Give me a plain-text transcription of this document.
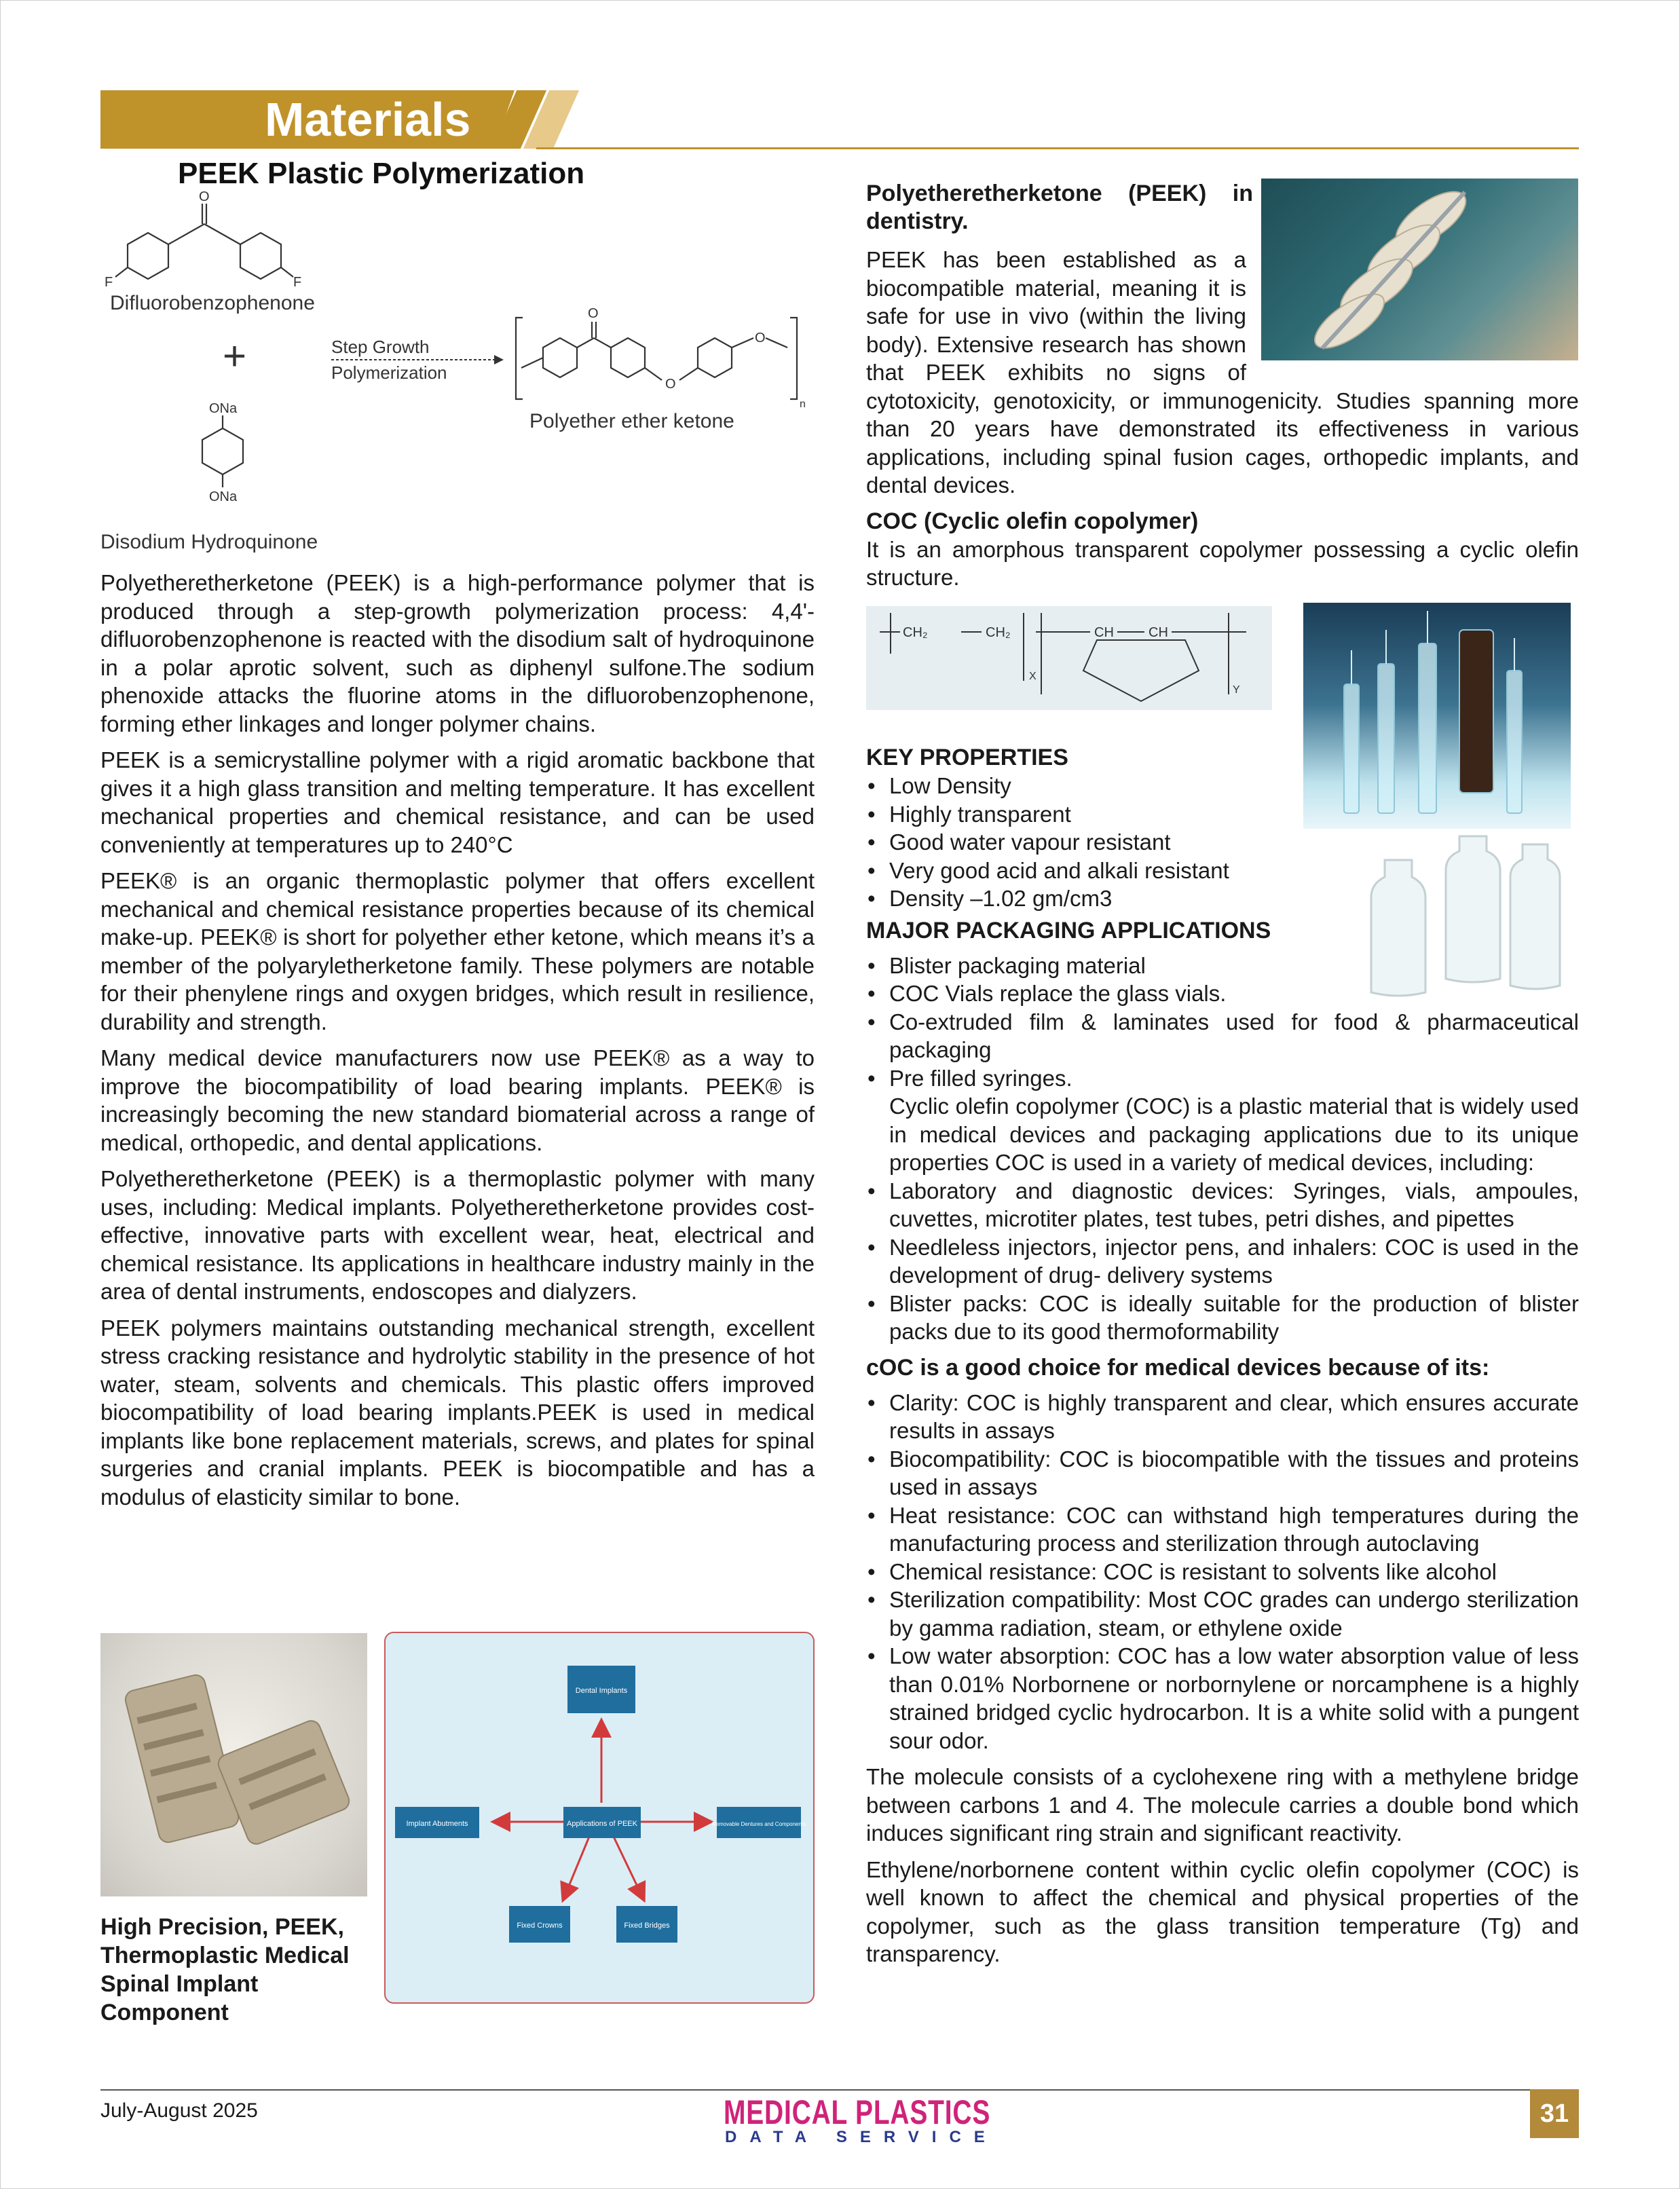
Materials
PEEK Plastic Polymerization
O
F	F
Difluorobenzophenone
+	Step Growth
Polymerization
O
O
O
n
Polyether ether ketone
ONa
ONa
Disodium Hydroquinone

Polyetheretherketone (PEEK) is a high-performance polymer that is produced through a step-growth polymerization process: 4,4'-difluorobenzophenone is reacted with the disodium salt of hydroquinone in a polar aprotic solvent, such as diphenyl sulfone.The sodium phenoxide attacks the fluorine atoms in the difluorobenzophenone, forming ether linkages and longer polymer chains.

PEEK is a semicrystalline polymer with a rigid aromatic backbone that gives it a high glass transition and melting temperature. It has excellent mechanical properties and chemical resistance, and can be used conveniently at temperatures up to 240°C

PEEK® is an organic thermoplastic polymer that offers excellent mechanical and chemical resistance properties because of its chemical make-up. PEEK® is short for polyether ether ketone, which means it’s a member of the polyaryletherketone family. These polymers are notable for their phenylene rings and oxygen bridges, which result in resilience, durability and strength.

Many medical device manufacturers now use PEEK® as a way to improve the biocompatibility of load bearing implants. PEEK® is increasingly becoming the new standard biomaterial across a range of medical, orthopedic, and dental applications.

Polyetheretherketone (PEEK) is a thermoplastic polymer with many uses, including: Medical implants. Polyetheretherketone provides cost-effective, innovative parts with excellent wear, heat, electrical and chemical resistance. Its applications in healthcare industry mainly in the area of dental instruments, endoscopes and dialyzers.

PEEK polymers maintains outstanding mechanical strength, excellent stress cracking resistance and hydrolytic stability in the presence of hot water, steam, solvents and chemicals. This plastic offers improved biocompatibility of load bearing implants.PEEK is used in medical implants like bone replacement materials, screws, and plates for spinal surgeries and cranial implants. PEEK is biocompatible and has a modulus of elasticity similar to bone.

High Precision, PEEK, Thermoplastic Medical Spinal Implant Component
Dental Implants
Applications of PEEK
Implant Abutments	Removable Dentures and Components
Fixed Crowns	Fixed Bridges
Polyetheretherketone (PEEK) in dentistry.

PEEK has been established as a biocompatible material, meaning it is safe for use in vivo (within the living body). Extensive research has shown that PEEK exhibits no signs of cytotoxicity, genotoxicity, or immunogenicity. Studies spanning more than 20 years have demonstrated its effectiveness in various applications, including spinal fusion cages, orthopedic implants, and dental devices.

COC (Cyclic olefin copolymer)

It is an amorphous transparent copolymer possessing a cyclic olefin structure.

CH₂	CH₂	CH	CH
X
Y
KEY PROPERTIES
• Low Density
• Highly transparent
• Good water vapour resistant
• Very good acid and alkali resistant
• Density –1.02 gm/cm3
MAJOR PACKAGING APPLICATIONS
• Blister packaging material
• COC Vials replace the glass vials.
• Co-extruded film & laminates used for food & pharmaceutical packaging
• Pre filled syringes.
Cyclic olefin copolymer (COC) is a plastic material that is widely used in medical devices and packaging applications due to its unique properties COC is used in a variety of medical devices, including:
• Laboratory and diagnostic devices: Syringes, vials, ampoules, cuvettes, microtiter plates, test tubes, petri dishes, and pipettes
• Needleless injectors, injector pens, and inhalers: COC is used in the development of drug- delivery systems
• Blister packs: COC is ideally suitable for the production of blister packs due to its good thermoformability
cOC is a good choice for medical devices because of its:
• Clarity: COC is highly transparent and clear, which ensures accurate results in assays
• Biocompatibility: COC is biocompatible with the tissues and proteins used in assays
• Heat resistance: COC can withstand high temperatures during the manufacturing process and sterilization through autoclaving
• Chemical resistance: COC is resistant to solvents like alcohol
• Sterilization compatibility: Most COC grades can undergo sterilization by gamma radiation, steam, or ethylene oxide
• Low water absorption: COC has a low water absorption value of less than 0.01% Norbornene or norbornylene or norcamphene is a highly strained bridged cyclic hydrocarbon. It is a white solid with a pungent sour odor.

The molecule consists of a cyclohexene ring with a methylene bridge between carbons 1 and 4. The molecule carries a double bond which induces significant ring strain and significant reactivity.

Ethylene/norbornene content within cyclic olefin copolymer (COC) is well known to affect the chemical and physical properties of the copolymer, such as the glass transition temperature (Tg) and transparency.

July-August 2025	MEDICAL PLASTICS
DATA SERVICE
31
